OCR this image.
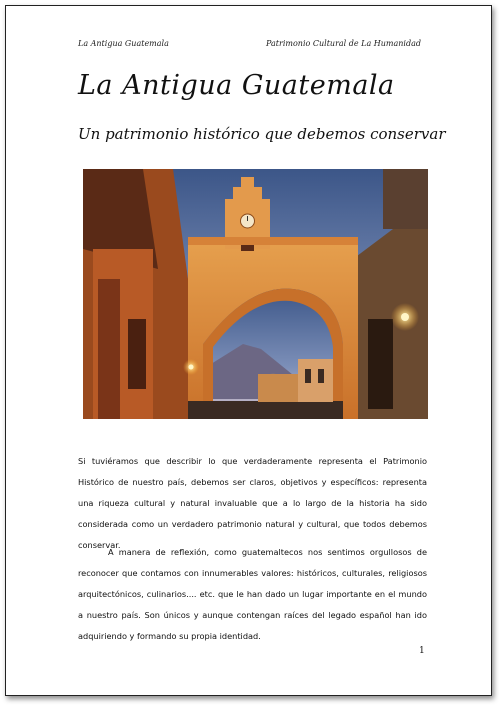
La Antigua Guatemala	Patrimonio Cultural de La Humanidad
La Antigua Guatemala
Un patrimonio histórico que debemos conservar

Si tuviéramos que describir lo que verdaderamente representa el Patrimonio Histórico de nuestro país, debemos ser claros, objetivos y específicos: representa una riqueza cultural y natural invaluable que a lo largo de la historia ha sido considerada como un verdadero patrimonio natural y cultural, que todos debemos conservar.

A manera de reflexión, como guatemaltecos nos sentimos orgullosos de reconocer que contamos con innumerables valores: históricos, culturales, religiosos arquitectónicos, culinarios.... etc. que le han dado un lugar importante en el mundo a nuestro país. Son únicos y aunque contengan raíces del legado español han ido adquiriendo y formando su propia identidad.

1
